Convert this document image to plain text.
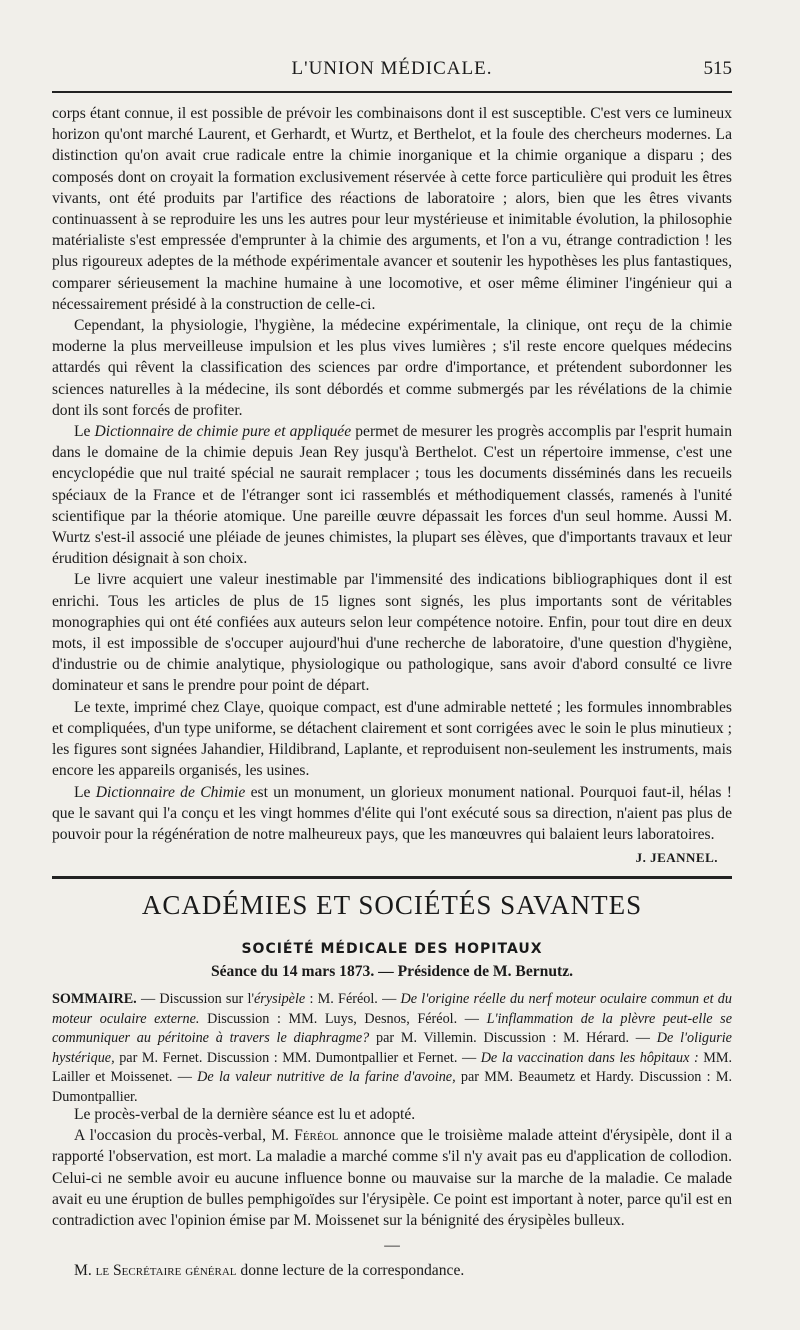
L'UNION MÉDICALE.	515

corps étant connue, il est possible de prévoir les combinaisons dont il est susceptible. C'est vers ce lumineux horizon qu'ont marché Laurent, et Gerhardt, et Wurtz, et Berthelot, et la foule des chercheurs modernes. La distinction qu'on avait crue radicale entre la chimie inorganique et la chimie organique a disparu ; des composés dont on croyait la formation exclusivement réservée à cette force particulière qui produit les êtres vivants, ont été produits par l'artifice des réactions de laboratoire ; alors, bien que les êtres vivants continuassent à se reproduire les uns les autres pour leur mystérieuse et inimitable évolution, la philosophie matérialiste s'est empressée d'emprunter à la chimie des arguments, et l'on a vu, étrange contradiction ! les plus rigoureux adeptes de la méthode expérimentale avancer et soutenir les hypothèses les plus fantastiques, comparer sérieusement la machine humaine à une locomotive, et oser même éliminer l'ingénieur qui a nécessairement présidé à la construction de celle-ci.

Cependant, la physiologie, l'hygiène, la médecine expérimentale, la clinique, ont reçu de la chimie moderne la plus merveilleuse impulsion et les plus vives lumières ; s'il reste encore quelques médecins attardés qui rêvent la classification des sciences par ordre d'importance, et prétendent subordonner les sciences naturelles à la médecine, ils sont débordés et comme submergés par les révélations de la chimie dont ils sont forcés de profiter.

Le Dictionnaire de chimie pure et appliquée permet de mesurer les progrès accomplis par l'esprit humain dans le domaine de la chimie depuis Jean Rey jusqu'à Berthelot. C'est un répertoire immense, c'est une encyclopédie que nul traité spécial ne saurait remplacer ; tous les documents disséminés dans les recueils spéciaux de la France et de l'étranger sont ici rassemblés et méthodiquement classés, ramenés à l'unité scientifique par la théorie atomique. Une pareille œuvre dépassait les forces d'un seul homme. Aussi M. Wurtz s'est-il associé une pléiade de jeunes chimistes, la plupart ses élèves, que d'importants travaux et leur érudition désignait à son choix.

Le livre acquiert une valeur inestimable par l'immensité des indications bibliographiques dont il est enrichi. Tous les articles de plus de 15 lignes sont signés, les plus importants sont de véritables monographies qui ont été confiées aux auteurs selon leur compétence notoire. Enfin, pour tout dire en deux mots, il est impossible de s'occuper aujourd'hui d'une recherche de laboratoire, d'une question d'hygiène, d'industrie ou de chimie analytique, physiologique ou pathologique, sans avoir d'abord consulté ce livre dominateur et sans le prendre pour point de départ.

Le texte, imprimé chez Claye, quoique compact, est d'une admirable netteté ; les formules innombrables et compliquées, d'un type uniforme, se détachent clairement et sont corrigées avec le soin le plus minutieux ; les figures sont signées Jahandier, Hildibrand, Laplante, et reproduisent non-seulement les instruments, mais encore les appareils organisés, les usines.

Le Dictionnaire de Chimie est un monument, un glorieux monument national. Pourquoi faut-il, hélas ! que le savant qui l'a conçu et les vingt hommes d'élite qui l'ont exécuté sous sa direction, n'aient pas plus de pouvoir pour la régénération de notre malheureux pays, que les manœuvres qui balaient leurs laboratoires.

J. JEANNEL.
ACADÉMIES ET SOCIÉTÉS SAVANTES
SOCIÉTÉ MÉDICALE DES HOPITAUX
Séance du 14 mars 1873. — Présidence de M. Bernutz.
SOMMAIRE. — Discussion sur l'érysipèle : M. Féréol. — De l'origine réelle du nerf moteur oculaire commun et du moteur oculaire externe. Discussion : MM. Luys, Desnos, Féréol. — L'inflammation de la plèvre peut-elle se communiquer au péritoine à travers le diaphragme? par M. Villemin. Discussion : M. Hérard. — De l'oligurie hystérique, par M. Fernet. Discussion : MM. Dumontpallier et Fernet. — De la vaccination dans les hôpitaux : MM. Lailler et Moissenet. — De la valeur nutritive de la farine d'avoine, par MM. Beaumetz et Hardy. Discussion : M. Dumontpallier.

Le procès-verbal de la dernière séance est lu et adopté.

A l'occasion du procès-verbal, M. Féréol annonce que le troisième malade atteint d'érysipèle, dont il a rapporté l'observation, est mort. La maladie a marché comme s'il n'y avait pas eu d'application de collodion. Celui-ci ne semble avoir eu aucune influence bonne ou mauvaise sur la marche de la maladie. Ce malade avait eu une éruption de bulles pemphigoïdes sur l'érysipèle. Ce point est important à noter, parce qu'il est en contradiction avec l'opinion émise par M. Moissenet sur la bénignité des érysipèles bulleux.

—

M. le Secrétaire général donne lecture de la correspondance.
